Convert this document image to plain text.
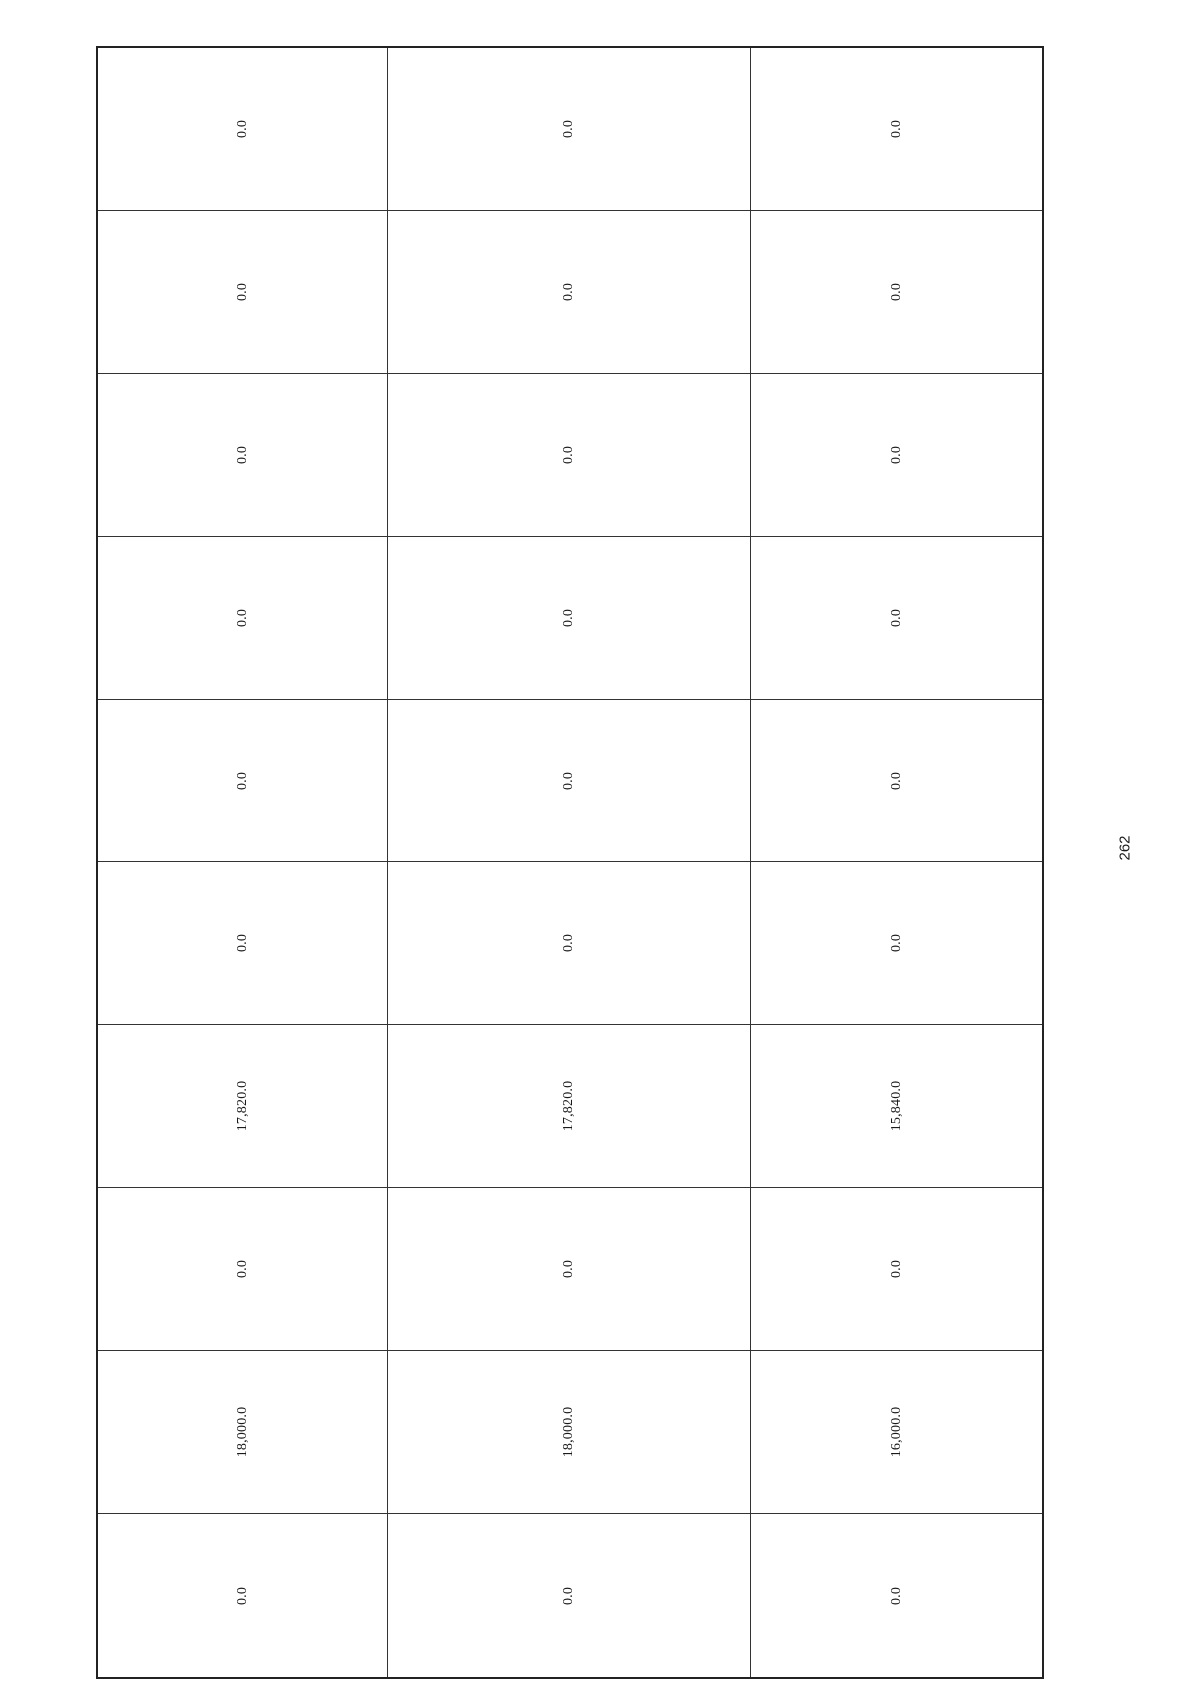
0.0	0.0	0.0
0.0	0.0	0.0
0.0	0.0	0.0
0.0	0.0	0.0
0.0	0.0	0.0
0.0	0.0	0.0
17,820.0	17,820.0	15,840.0
0.0	0.0	0.0
18,000.0	18,000.0	16,000.0
0.0	0.0	0.0
262
